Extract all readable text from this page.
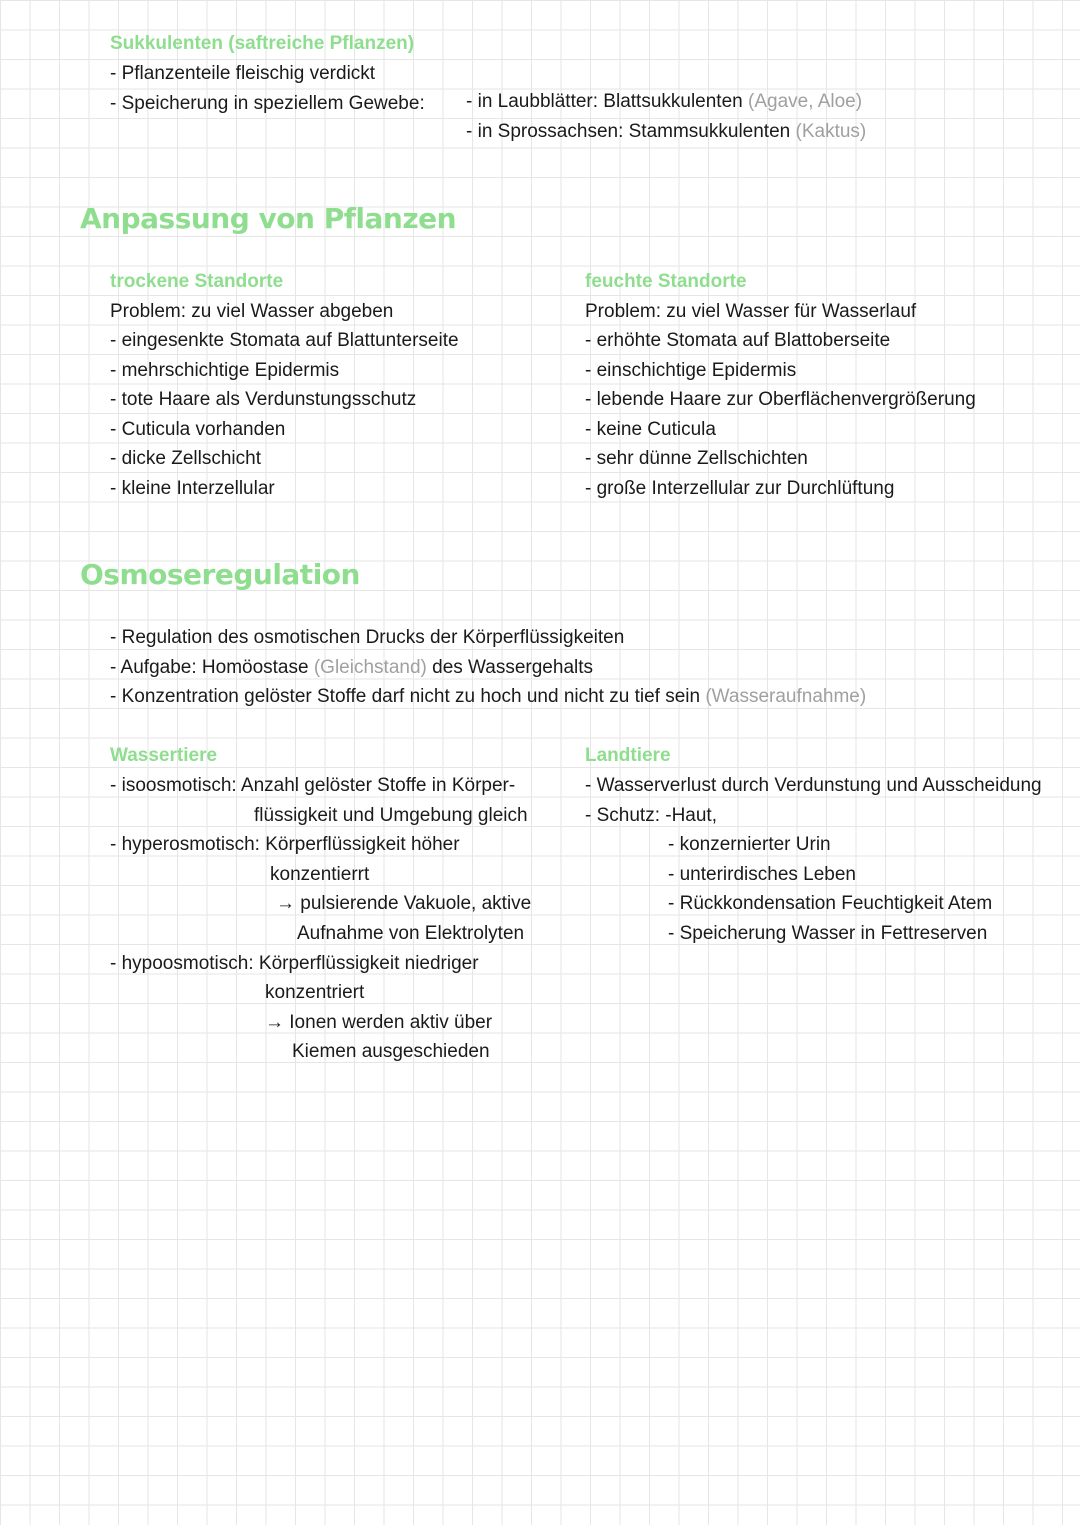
Sukkulenten (saftreiche Pflanzen)
- Pflanzenteile fleischig verdickt
- Speicherung in speziellem Gewebe: - in Laubblätter: Blattsukkulenten (Agave, Aloe)
- in Sprossachsen: Stammsukkulenten (Kaktus)
Anpassung von Pflanzen
trockene Standorte
Problem: zu viel Wasser abgeben
- eingesenkte Stomata auf Blattunterseite
- mehrschichtige Epidermis
- tote Haare als Verdunstungsschutz
- Cuticula vorhanden
- dicke Zellschicht
- kleine Interzellular
feuchte Standorte
Problem: zu viel Wasser für Wasserlauf
- erhöhte Stomata auf Blattoberseite
- einschichtige Epidermis
- lebende Haare zur Oberflächenvergrößerung
- keine Cuticula
- sehr dünne Zellschichten
- große Interzellular zur Durchlüftung
Osmoseregulation
- Regulation des osmotischen Drucks der Körperflüssigkeiten
- Aufgabe: Homöostase (Gleichstand) des Wassergehalts
- Konzentration gelöster Stoffe darf nicht zu hoch und nicht zu tief sein (Wasseraufnahme)
Wassertiere
- isoosmotisch: Anzahl gelöster Stoffe in Körper-
flüssigkeit und Umgebung gleich
- hyperosmotisch: Körperflüssigkeit höher
konzentierrt
→ pulsierende Vakuole, aktive
Aufnahme von Elektrolyten
- hypoosmotisch: Körperflüssigkeit niedriger
konzentriert
→ Ionen werden aktiv über
Kiemen ausgeschieden
Landtiere
- Wasserverlust durch Verdunstung und Ausscheidung
- Schutz: -Haut,
- konzernierter Urin
- unterirdisches Leben
- Rückkondensation Feuchtigkeit Atem
- Speicherung Wasser in Fettreserven
